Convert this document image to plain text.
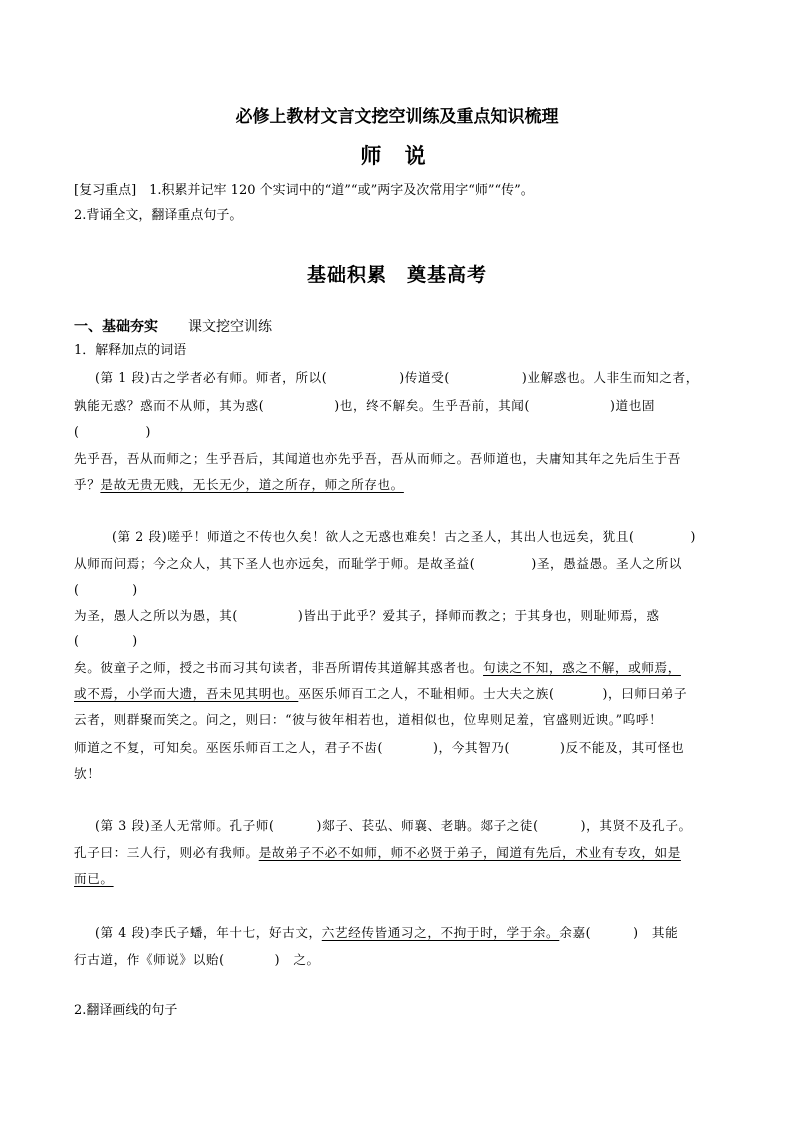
必修上教材文言文挖空训练及重点知识梳理
师 说
[复习重点]　1.积累并记牢 120 个实词中的“道”“或”两字及次常用字“师”“传”。
2.背诵全文，翻译重点句子。
基础积累　奠基高考
一、基础夯实 课文挖空训练
1．解释加点的词语
(第 1 段)古之学者必有师。师者，所以(	)传道受(	)业解惑也。人非生而知之者，
孰能无惑？惑而不从师，其为惑(	)也，终不解矣。生乎吾前，其闻(	)道也固
(　　　　　)
先乎吾，吾从而师之；生乎吾后，其闻道也亦先乎吾，吾从而师之。吾师道也，夫庸知其年之先后生于吾
乎？是故无贵无贱，无长无少，道之所存，师之所存也。
(第 2 段)嗟乎！师道之不传也久矣！欲人之无惑也难矣！古之圣人，其出人也远矣，犹且(	)
从师而问焉；今之众人，其下圣人也亦远矣，而耻学于师。是故圣益(	)圣，愚益愚。圣人之所以
(　　　　)
为圣，愚人之所以为愚，其(	)皆出于此乎？爱其子，择师而教之；于其身也，则耻师焉，惑
(　　　　)
矣。彼童子之师，授之书而习其句读者，非吾所谓传其道解其惑者也。句读之不知，惑之不解，或师焉，
或不焉，小学而大遗，吾未见其明也。巫医乐师百工之人，不耻相师。士大夫之族(	)，曰师曰弟子
云者，则群聚而笑之。问之，则曰：“彼与彼年相若也，道相似也，位卑则足羞，官盛则近谀。”呜呼！
师道之不复，可知矣。巫医乐师百工之人，君子不齿(	)，今其智乃(	)反不能及，其可怪也
欤！
(第 3 段)圣人无常师。孔子师(	)郯子、苌弘、师襄、老聃。郯子之徒(	)，其贤不及孔子。
孔子曰：三人行，则必有我师。是故弟子不必不如师，师不必贤于弟子，闻道有先后，术业有专攻，如是
而已。
(第 4 段)李氏子蟠，年十七，好古文，六艺经传皆通习之，不拘于时，学于余。余嘉(	)　其能
行古道，作《师说》以贻(	)　之。
2.翻译画线的句子
